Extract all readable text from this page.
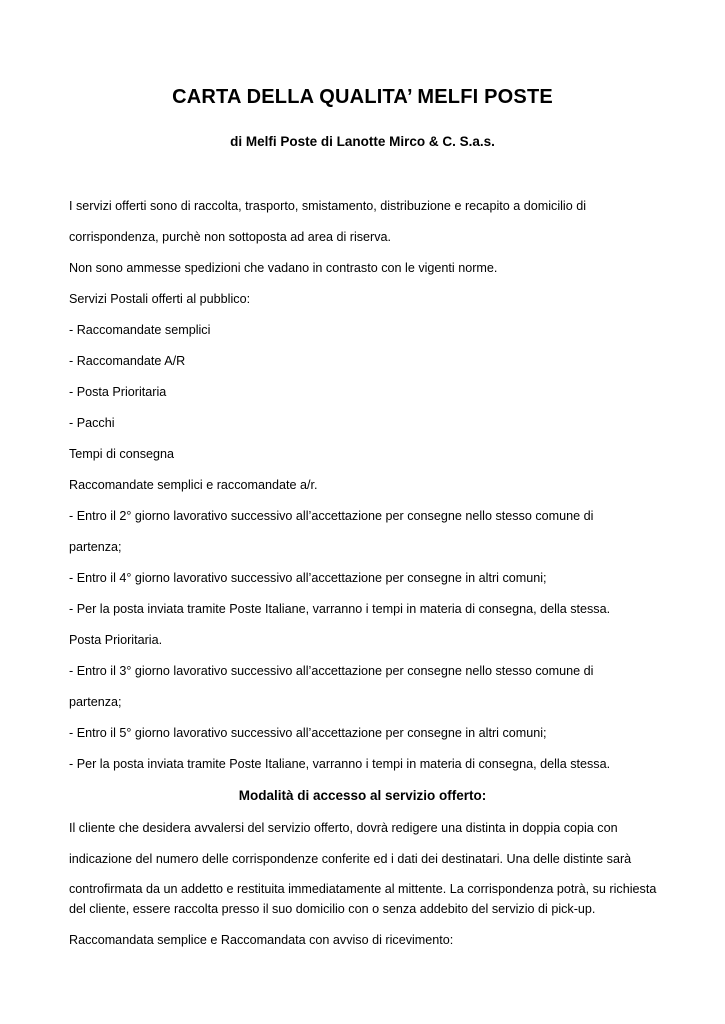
CARTA DELLA QUALITA’ MELFI POSTE
di Melfi Poste di Lanotte Mirco & C. S.a.s.
I servizi offerti sono di raccolta, trasporto, smistamento, distribuzione e recapito a domicilio di
corrispondenza, purchè non sottoposta ad area di riserva.
Non sono ammesse spedizioni che vadano in contrasto con le vigenti norme.
Servizi Postali offerti al pubblico:
- Raccomandate semplici
- Raccomandate A/R
- Posta Prioritaria
- Pacchi
Tempi di consegna
Raccomandate semplici e raccomandate a/r.
- Entro il 2° giorno lavorativo successivo all’accettazione per consegne nello stesso comune di
partenza;
- Entro il 4° giorno lavorativo successivo all’accettazione per consegne in altri comuni;
- Per la posta inviata tramite Poste Italiane, varranno i tempi in materia di consegna, della stessa.
Posta Prioritaria.
- Entro il 3° giorno lavorativo successivo all’accettazione per consegne nello stesso comune di
partenza;
- Entro il 5° giorno lavorativo successivo all’accettazione per consegne in altri comuni;
- Per la posta inviata tramite Poste Italiane, varranno i tempi in materia di consegna, della stessa.
Modalità di accesso al servizio offerto:
Il cliente che desidera avvalersi del servizio offerto, dovrà redigere una distinta in doppia copia con
indicazione del numero delle corrispondenze conferite ed i dati dei destinatari. Una delle distinte sarà
controfirmata da un addetto e restituita immediatamente al mittente. La corrispondenza potrà, su richiesta
del cliente, essere raccolta presso il suo domicilio con o senza addebito del servizio di pick-up.
Raccomandata semplice e Raccomandata con avviso di ricevimento:
